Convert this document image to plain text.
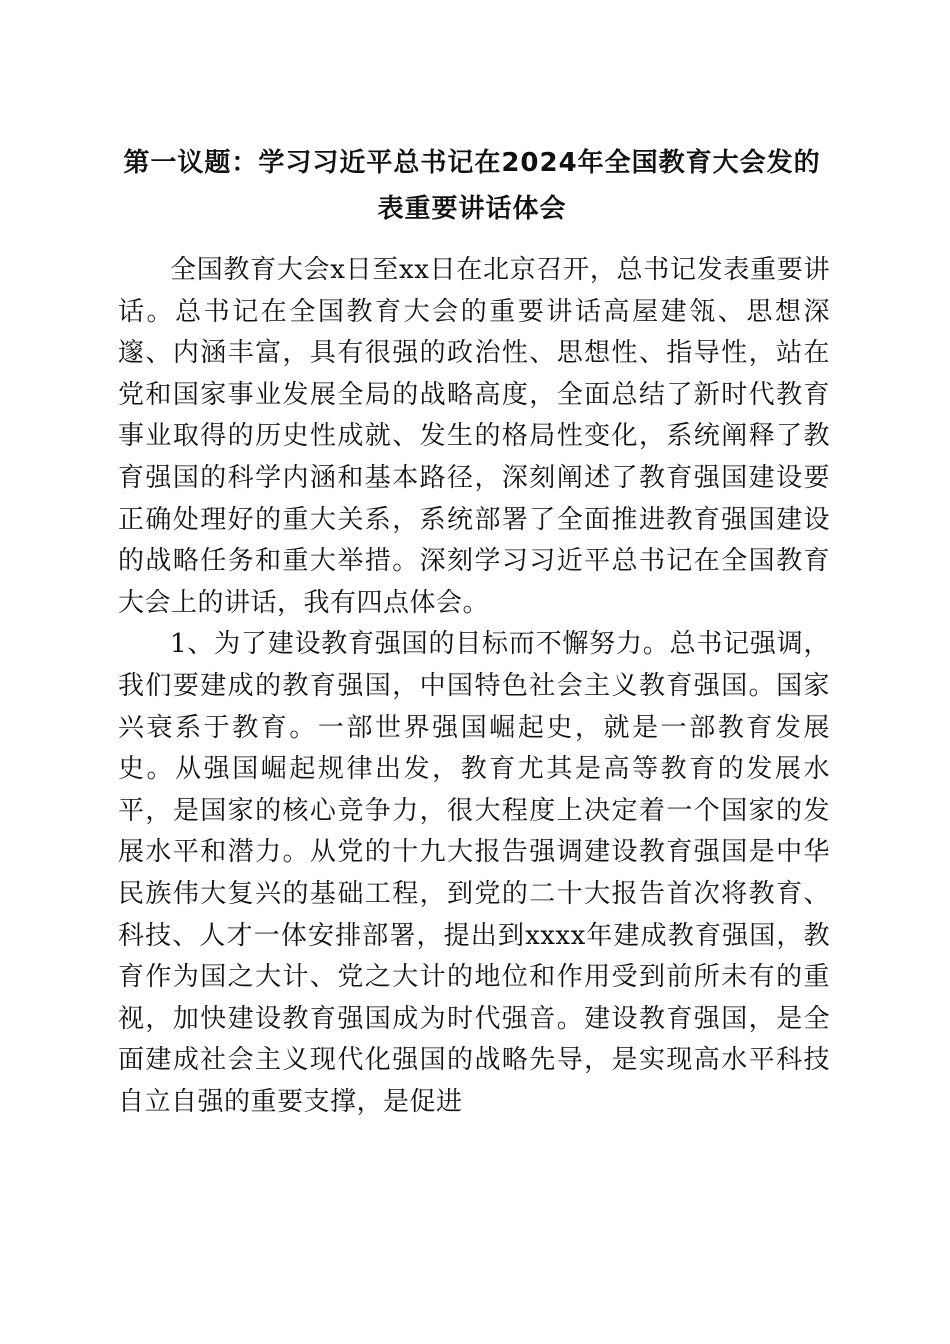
第一议题：学习习近平总书记在2024年全国教育大会发的表重要讲话体会

全国教育大会x日至xx日在北京召开，总书记发表重要讲话。总书记在全国教育大会的重要讲话高屋建瓴、思想深邃、内涵丰富，具有很强的政治性、思想性、指导性，站在党和国家事业发展全局的战略高度，全面总结了新时代教育事业取得的历史性成就、发生的格局性变化，系统阐释了教育强国的科学内涵和基本路径，深刻阐述了教育强国建设要正确处理好的重大关系，系统部署了全面推进教育强国建设的战略任务和重大举措。深刻学习习近平总书记在全国教育大会上的讲话，我有四点体会。

1、为了建设教育强国的目标而不懈努力。总书记强调，我们要建成的教育强国，中国特色社会主义教育强国。国家兴衰系于教育。一部世界强国崛起史，就是一部教育发展史。从强国崛起规律出发，教育尤其是高等教育的发展水平，是国家的核心竞争力，很大程度上决定着一个国家的发展水平和潜力。从党的十九大报告强调建设教育强国是中华民族伟大复兴的基础工程，到党的二十大报告首次将教育、科技、人才一体安排部署，提出到xxxx年建成教育强国，教育作为国之大计、党之大计的地位和作用受到前所未有的重视，加快建设教育强国成为时代强音。建设教育强国，是全面建成社会主义现代化强国的战略先导，是实现高水平科技自立自强的重要支撑，是促进
